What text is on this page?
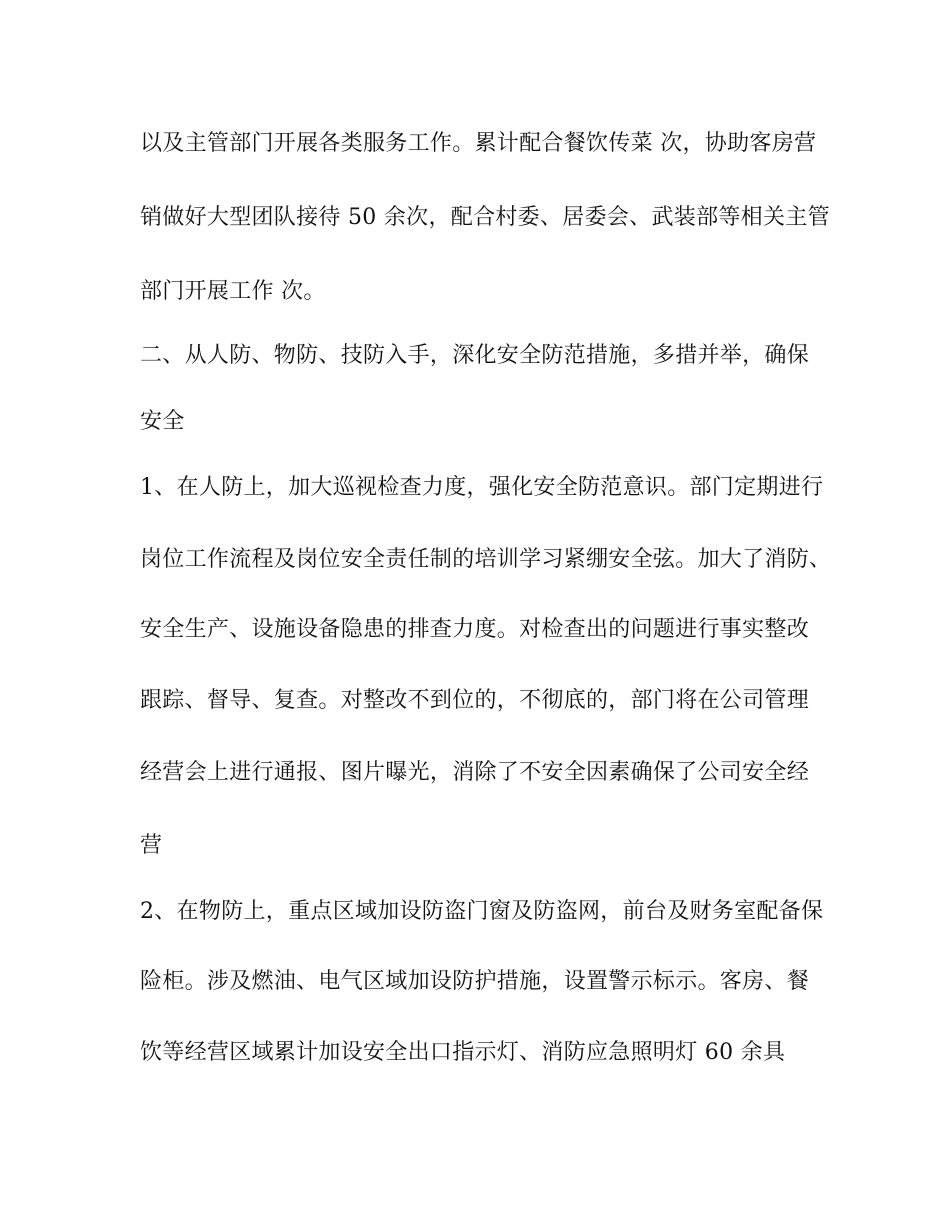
以及主管部门开展各类服务工作。累计配合餐饮传菜 次，协助客房营
销做好大型团队接待 50 余次，配合村委、居委会、武装部等相关主管
部门开展工作 次。
二、从人防、物防、技防入手，深化安全防范措施，多措并举，确保
安全
1、在人防上，加大巡视检查力度，强化安全防范意识。部门定期进行
岗位工作流程及岗位安全责任制的培训学习紧绷安全弦。加大了消防、
安全生产、设施设备隐患的排查力度。对检查出的问题进行事实整改
跟踪、督导、复查。对整改不到位的，不彻底的，部门将在公司管理
经营会上进行通报、图片曝光，消除了不安全因素确保了公司安全经
营
2、在物防上，重点区域加设防盗门窗及防盗网，前台及财务室配备保
险柜。涉及燃油、电气区域加设防护措施，设置警示标示。客房、餐
饮等经营区域累计加设安全出口指示灯、消防应急照明灯 60 余具
